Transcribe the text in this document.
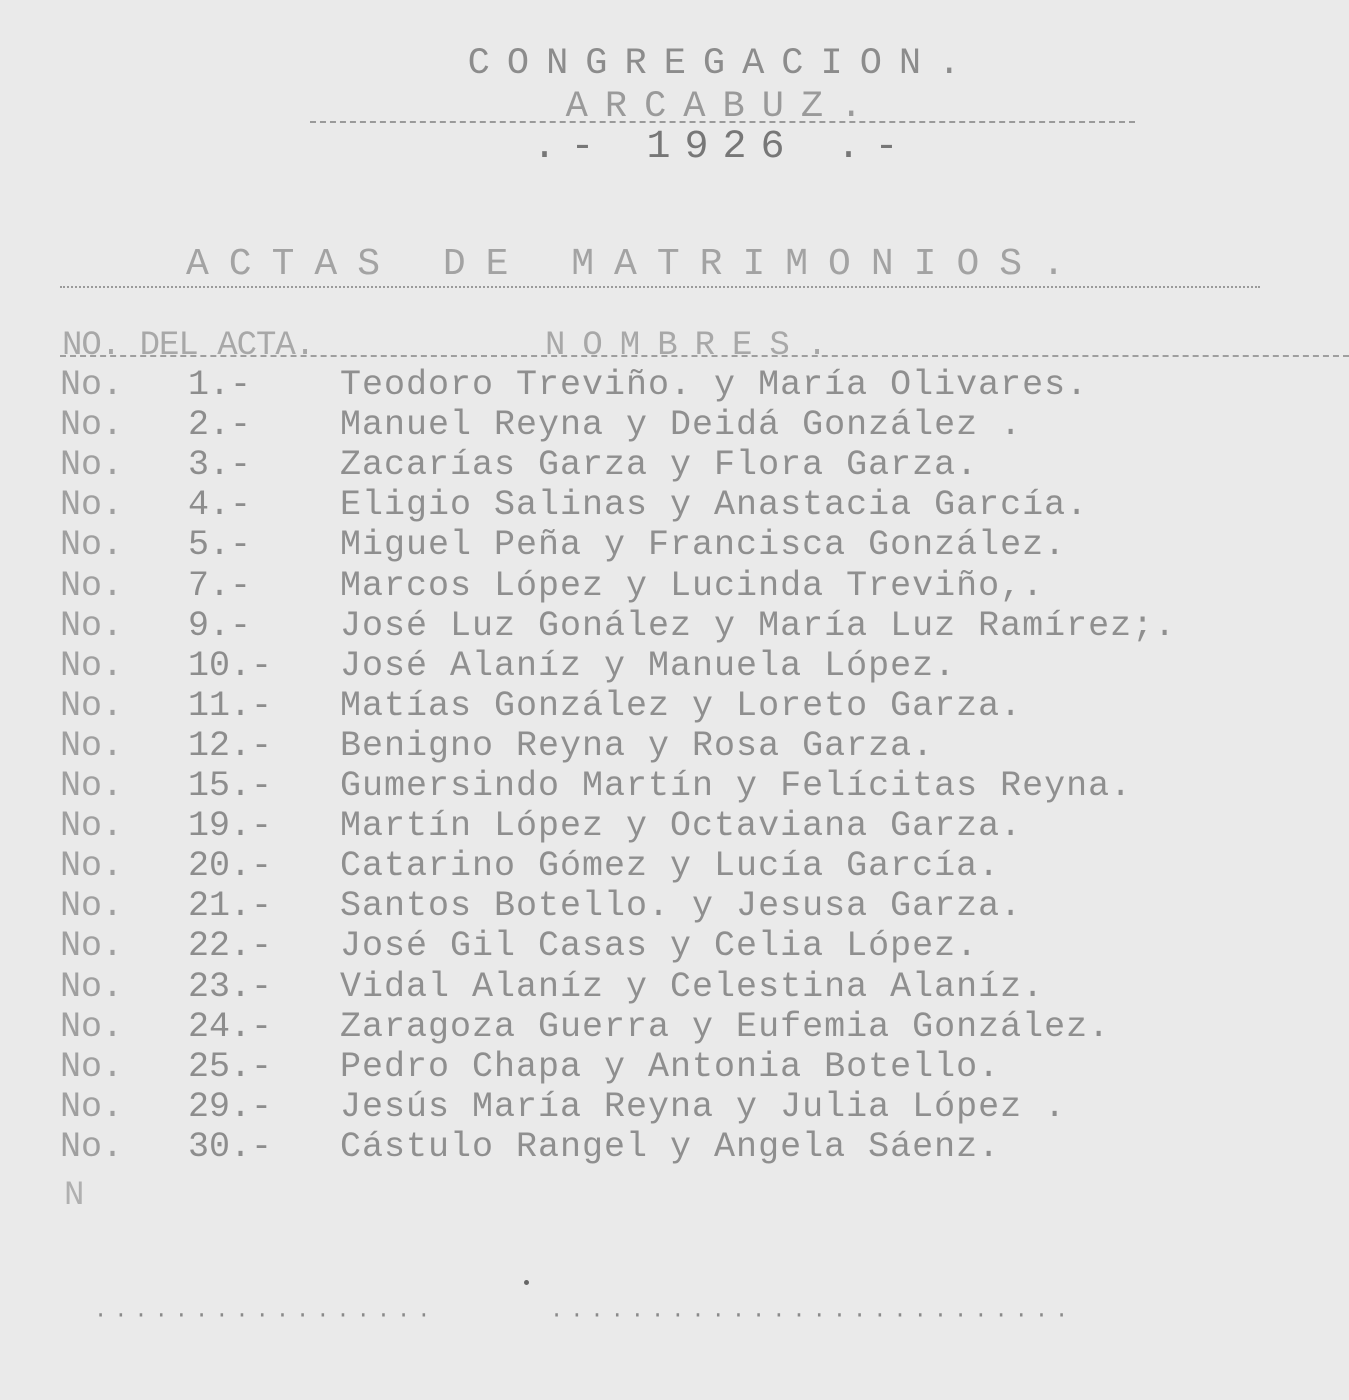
CONGREGACION.
ARCABUZ.
.- 1926 .-
ACTAS DE MATRIMONIOS.
NO. DEL ACTA.	NOMBRES.
No.	1.-	Teodoro Treviño. y María Olivares.
No.	2.-	Manuel Reyna y Deidá González .
No.	3.-	Zacarías Garza y Flora Garza.
No.	4.-	Eligio Salinas y Anastacia García.
No.	5.-	Miguel Peña y Francisca González.
No.	7.-	Marcos López y Lucinda Treviño,.
No.	9.-	José Luz Gonález y María Luz Ramírez;.
No.	10.-	José Alaníz y Manuela López.
No.	11.-	Matías González y Loreto Garza.
No.	12.-	Benigno Reyna y Rosa Garza.
No.	15.-	Gumersindo Martín y Felícitas Reyna.
No.	19.-	Martín López y Octaviana Garza.
No.	20.-	Catarino Gómez y Lucía García.
No.	21.-	Santos Botello. y Jesusa Garza.
No.	22.-	José Gil Casas y Celia López.
No.	23.-	Vidal Alaníz y Celestina Alaníz.
No.	24.-	Zaragoza Guerra y Eufemia González.
No.	25.-	Pedro Chapa y Antonia Botello.
No.	29.-	Jesús María Reyna y Julia López .
No.	30.-	Cástulo Rangel y Angela Sáenz.
N
·················	··························
